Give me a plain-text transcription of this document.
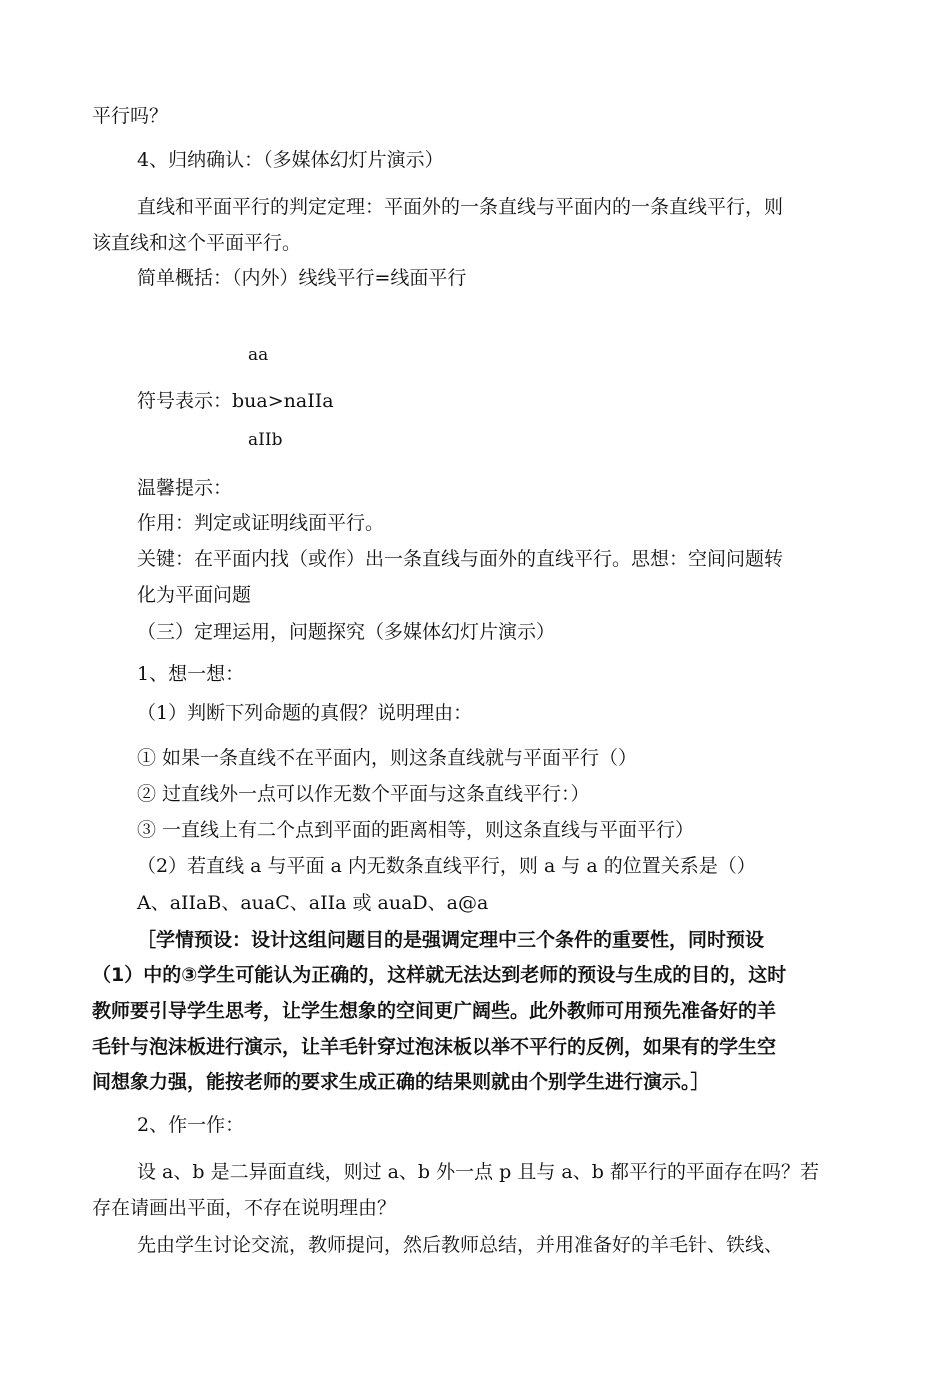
平行吗？
4、归纳确认：（多媒体幻灯片演示）
直线和平面平行的判定定理：平面外的一条直线与平面内的一条直线平行，则
该直线和这个平面平行。
简单概括：（内外）线线平行=线面平行
aa
符号表示：buа>naIIa
aIIb
温馨提示：
作用：判定或证明线面平行。
关键：在平面内找（或作）出一条直线与面外的直线平行。思想：空间问题转
化为平面问题
（三）定理运用，问题探究（多媒体幻灯片演示）
1、想一想：
（1）判断下列命题的真假？说明理由：
① 如果一条直线不在平面内，则这条直线就与平面平行（）
② 过直线外一点可以作无数个平面与这条直线平行：）
③ 一直线上有二个点到平面的距离相等，则这条直线与平面平行）
（2）若直线 a 与平面 a 内无数条直线平行，则 a 与 a 的位置关系是（）
A、aIIaB、auaC、aIIa 或 auaD、a@a
［学情预设：设计这组问题目的是强调定理中三个条件的重要性，同时预设
（1）中的③学生可能认为正确的，这样就无法达到老师的预设与生成的目的，这时
教师要引导学生思考，让学生想象的空间更广阔些。此外教师可用预先准备好的羊
毛针与泡沫板进行演示，让羊毛针穿过泡沫板以举不平行的反例，如果有的学生空
间想象力强，能按老师的要求生成正确的结果则就由个别学生进行演示。］
2、作一作：
设 a、b 是二异面直线，则过 a、b 外一点 p 且与 a、b 都平行的平面存在吗？若
存在请画出平面，不存在说明理由？
先由学生讨论交流，教师提问，然后教师总结，并用准备好的羊毛针、铁线、
